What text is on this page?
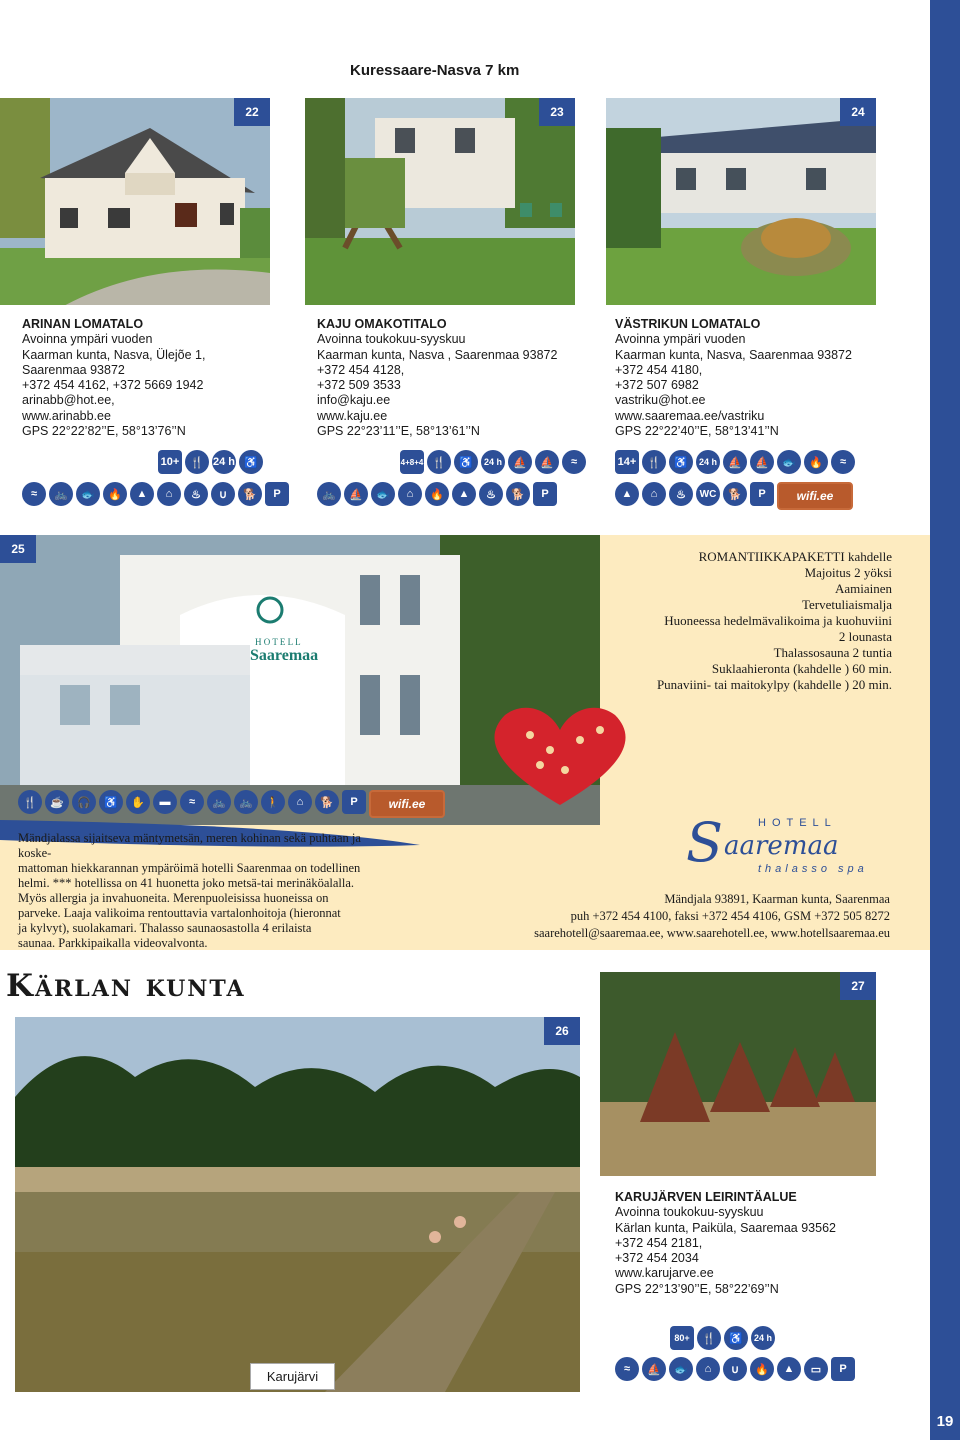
19
Kuressaare-Nasva 7 km
22	23	24
ARINAN LOMATALO
Avoinna ympäri vuoden
Kaarman kunta, Nasva, Ülejõe 1,
Saarenmaa 93872
+372 454 4162, +372 5669 1942
arinabb@hot.ee,
www.arinabb.ee
GPS 22°22’82’’E, 58°13’76’’N
KAJU OMAKOTITALO
Avoinna toukokuu-syyskuu
Kaarman kunta, Nasva , Saarenmaa 93872
+372 454 4128,
+372 509 3533
info@kaju.ee
www.kaju.ee
GPS 22°23’11’’E, 58°13’61’’N
VÄSTRIKUN LOMATALO
Avoinna ympäri vuoden
Kaarman kunta, Nasva, Saarenmaa 93872
+372 454 4180,
+372 507 6982
vastriku@hot.ee
www.saaremaa.ee/vastriku
GPS 22°22’40’’E, 58°13’41’’N
10+ 🍴 24 h ♿
≈	🚲	🐟	🔥	▲	⌂	♨	∪	🐕	P
4+8+4 🍴	♿	24 h	⛵	⛵	≈
🚲	⛵	🐟	⌂	🔥	▲	♨	🐕	P
14+ 🍴	♿	24 h	⛵	⛵	🐟	🔥	≈
▲	⌂	♨	WC	🐕	P	wifi.ee
H O T E L L
Saaremaa
25	ROMANTIIKKAPAKETTI kahdelle
Majoitus 2 yöksi
Aamiainen
Tervetuliaismalja
Huoneessa hedelmävalikoima ja kuohuviini
2 lounasta
Thalassosauna 2 tuntia
Suklaahieronta (kahdelle ) 60 min.
Punaviini- tai maitokylpy (kahdelle ) 20 min.
🍴	☕	🎧	♿	✋	▬	≈	🚲	🚲	🚶	⌂	🐕	P	wifi.ee
Mändjalassa sijaitseva mäntymetsän, meren kohinan sekä puhtaan ja koske-
mattoman hiekkarannan ympäröimä hotelli Saarenmaa on todellinen
helmi. *** hotellissa on 41 huonetta joko metsä-tai merinäköalalla.
Myös allergia ja invahuoneita. Merenpuoleisissa huoneissa on
parveke. Laaja valikoima rentouttavia vartalonhoitoja (hieronnat
ja kylvyt), suolakamari. Thalasso saunaosastolla 4 erilaista
saunaa. Parkkipaikalla videovalvonta.
S	HOTELL
aaremaa
thalasso spa
Mändjala 93891, Kaarman kunta, Saarenmaa
puh +372 454 4100, faksi +372 454 4106, GSM +372 505 8272
saarehotell@saaremaa.ee, www.saarehotell.ee, www.hotellsaaremaa.eu
Kärlan kunta
26
Karujärvi
27
KARUJÄRVEN LEIRINTÄALUE
Avoinna toukokuu-syyskuu
Kärlan kunta, Paiküla, Saaremaa 93562
+372 454 2181,
+372 454 2034
www.karujarve.ee
GPS 22°13’90’’E, 58°22’69’’N
80+	🍴	♿	24 h
≈	⛵	🐟	⌂	∪	🔥	▲	▭	P
